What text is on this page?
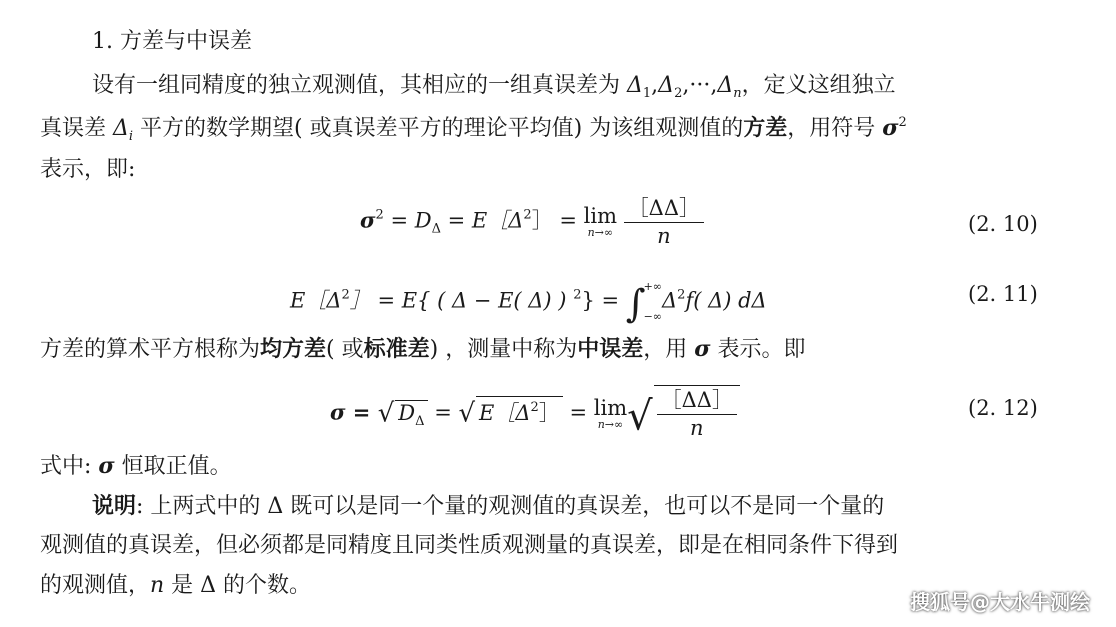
1. 方差与中误差
设有一组同精度的独立观测值，其相应的一组真误差为 $\Delta_1,\Delta_2,\cdot\cdot\cdot,\Delta_n$，定义这组独立
真误差 $\Delta_i$ 平方的数学期望( 或真误差平方的理论平均值) 为该组观测值的方差，用符号 $\sigma^2$
表示，即:
$\sigma^2 = D_\Delta$ = $E[\Delta^2] = \lim$
n→∞
$\frac{[\Delta\Delta]}{n}$	(2. 10)
$E[\Delta^2] = E${ ( Δ − E( Δ) ) $^2$} = ∫
+∞
−∞
$\Delta^2f$( Δ) dΔ	(2. 11)
方差的算术平方根称为均方差( 或标准差) ，测量中称为中误差，用 σ 表示。即
σ = √ $D_\Delta$ = √ $E[\Delta^2] = \lim$
n→∞ √ $\frac{[\Delta\Delta]}{n}$	(2. 12)
式中: σ 恒取正值。
说明: 上两式中的 Δ 既可以是同一个量的观测值的真误差，也可以不是同一个量的
观测值的真误差，但必须都是同精度且同类性质观测量的真误差，即是在相同条件下得到
的观测值，n 是 Δ 的个数。
搜狐号@大水牛测绘
